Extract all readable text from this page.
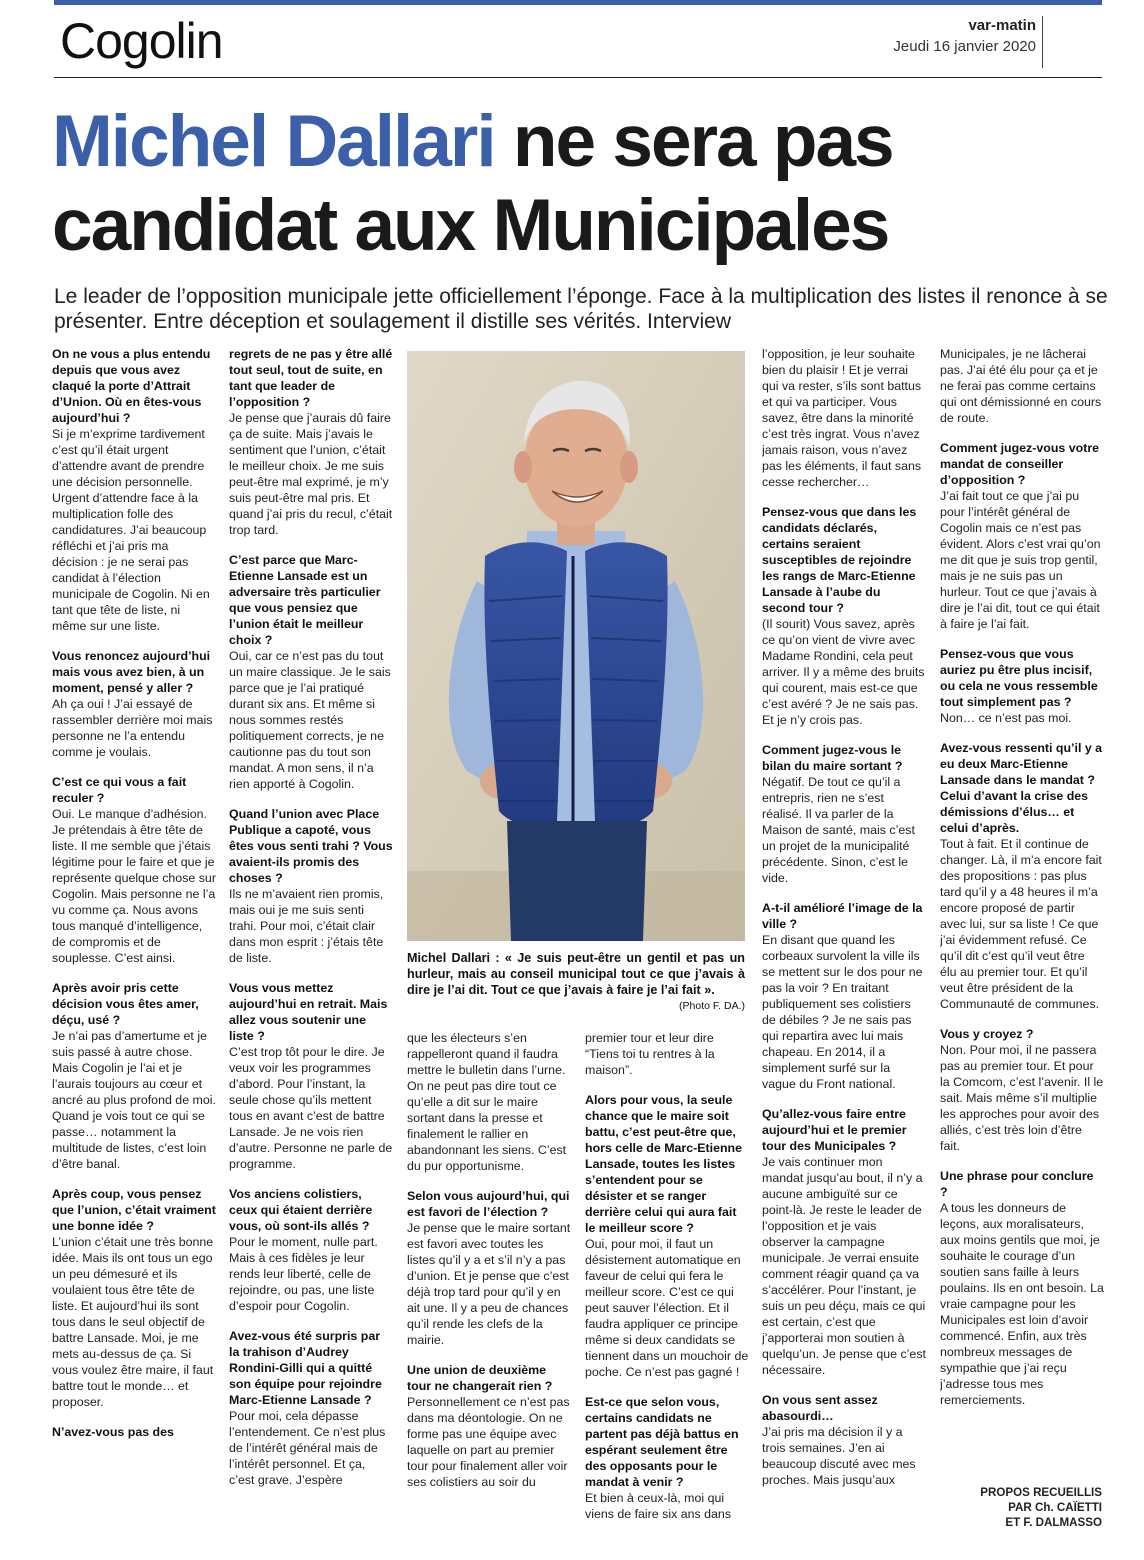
Cogolin	var-matin
Jeudi 16 janvier 2020
Michel Dallari ne sera pas candidat aux Municipales
Le leader de l’opposition municipale jette officiellement l’éponge. Face à la multiplication des listes il renonce à se présenter. Entre déception et soulagement il distille ses vérités. Interview

On ne vous a plus entendu depuis que vous avez claqué la porte d’Attrait d’Union. Où en êtes-vous aujourd’hui ?
Si je m’exprime tardivement c’est qu’il était urgent d’attendre avant de prendre une décision personnelle. Urgent d’attendre face à la multiplication folle des candidatures. J’ai beaucoup réfléchi et j’ai pris ma décision : je ne serai pas candidat à l’élection municipale de Cogolin. Ni en tant que tête de liste, ni même sur une liste.

Vous renoncez aujourd’hui mais vous avez bien, à un moment, pensé y aller ?
Ah ça oui ! J’ai essayé de rassembler derrière moi mais personne ne l’a entendu comme je voulais.

C’est ce qui vous a fait reculer ?
Oui. Le manque d’adhésion. Je prétendais à être tête de liste. Il me semble que j’étais légitime pour le faire et que je représente quelque chose sur Cogolin. Mais personne ne l’a vu comme ça. Nous avons tous manqué d’intelligence, de compromis et de souplesse. C’est ainsi.

Après avoir pris cette décision vous êtes amer, déçu, usé ?
Je n’ai pas d’amertume et je suis passé à autre chose. Mais Cogolin je l’ai et je l’aurais toujours au cœur et ancré au plus profond de moi. Quand je vois tout ce qui se passe… notamment la multitude de listes, c’est loin d’être banal.

Après coup, vous pensez que l’union, c’était vraiment une bonne idée ?
L’union c’était une très bonne idée. Mais ils ont tous un ego un peu démesuré et ils voulaient tous être tête de liste. Et aujourd’hui ils sont tous dans le seul objectif de battre Lansade. Moi, je me mets au-dessus de ça. Si vous voulez être maire, il faut battre tout le monde… et proposer.

N’avez-vous pas des

regrets de ne pas y être allé tout seul, tout de suite, en tant que leader de l’opposition ?
Je pense que j’aurais dû faire ça de suite. Mais j’avais le sentiment que l’union, c’était le meilleur choix. Je me suis peut-être mal exprimé, je m’y suis peut-être mal pris. Et quand j’ai pris du recul, c’était trop tard.

C’est parce que Marc-Etienne Lansade est un adversaire très particulier que vous pensiez que l’union était le meilleur choix ?
Oui, car ce n’est pas du tout un maire classique. Je le sais parce que je l’ai pratiqué durant six ans. Et même si nous sommes restés politiquement corrects, je ne cautionne pas du tout son mandat. A mon sens, il n’a rien apporté à Cogolin.

Quand l’union avec Place Publique a capoté, vous êtes vous senti trahi ? Vous avaient-ils promis des choses ?
Ils ne m’avaient rien promis, mais oui je me suis senti trahi. Pour moi, c’était clair dans mon esprit : j’étais tête de liste.

Vous vous mettez aujourd’hui en retrait. Mais allez vous soutenir une liste ?
C’est trop tôt pour le dire. Je veux voir les programmes d’abord. Pour l’instant, la seule chose qu’ils mettent tous en avant c’est de battre Lansade. Je ne vois rien d’autre. Personne ne parle de programme.

Vos anciens colistiers, ceux qui étaient derrière vous, où sont-ils allés ?
Pour le moment, nulle part. Mais à ces fidèles je leur rends leur liberté, celle de rejoindre, ou pas, une liste d’espoir pour Cogolin.

Avez-vous été surpris par la trahison d’Audrey Rondini-Gilli qui a quitté son équipe pour rejoindre Marc-Etienne Lansade ?
Pour moi, cela dépasse l’entendement. Ce n’est plus de l’intérêt général mais de l’intérêt personnel. Et ça, c’est grave. J’espère

Michel Dallari : « Je suis peut-être un gentil et pas un hurleur, mais au conseil municipal tout ce que j’avais à dire je l’ai dit. Tout ce que j’avais à faire je l’ai fait ».
(Photo F. DA.)

que les électeurs s’en rappelleront quand il faudra mettre le bulletin dans l’urne. On ne peut pas dire tout ce qu’elle a dit sur le maire sortant dans la presse et finalement le rallier en abandonnant les siens. C’est du pur opportunisme.

Selon vous aujourd’hui, qui est favori de l’élection ?
Je pense que le maire sortant est favori avec toutes les listes qu’il y a et s’il n’y a pas d’union. Et je pense que c’est déjà trop tard pour qu’il y en ait une. Il y a peu de chances qu’il rende les clefs de la mairie.

Une union de deuxième tour ne changerait rien ?
Personnellement ce n’est pas dans ma déontologie. On ne forme pas une équipe avec laquelle on part au premier tour pour finalement aller voir ses colistiers au soir du

premier tour et leur dire “Tiens toi tu rentres à la maison”.

Alors pour vous, la seule chance que le maire soit battu, c’est peut-être que, hors celle de Marc-Etienne Lansade, toutes les listes s’entendent pour se désister et se ranger derrière celui qui aura fait le meilleur score ?
Oui, pour moi, il faut un désistement automatique en faveur de celui qui fera le meilleur score. C’est ce qui peut sauver l’élection. Et il faudra appliquer ce principe même si deux candidats se tiennent dans un mouchoir de poche. Ce n’est pas gagné !

Est-ce que selon vous, certains candidats ne partent pas déjà battus en espérant seulement être des opposants pour le mandat à venir ?
Et bien à ceux-là, moi qui viens de faire six ans dans

l’opposition, je leur souhaite bien du plaisir ! Et je verrai qui va rester, s’ils sont battus et qui va participer. Vous savez, être dans la minorité c’est très ingrat. Vous n’avez jamais raison, vous n’avez pas les éléments, il faut sans cesse rechercher…

Pensez-vous que dans les candidats déclarés, certains seraient susceptibles de rejoindre les rangs de Marc-Etienne Lansade à l’aube du second tour ?
(Il sourit) Vous savez, après ce qu’on vient de vivre avec Madame Rondini, cela peut arriver. Il y a même des bruits qui courent, mais est-ce que c’est avéré ? Je ne sais pas. Et je n’y crois pas.

Comment jugez-vous le bilan du maire sortant ?
Négatif. De tout ce qu’il a entrepris, rien ne s’est réalisé. Il va parler de la Maison de santé, mais c’est un projet de la municipalité précédente. Sinon, c’est le vide.

A-t-il amélioré l’image de la ville ?
En disant que quand les corbeaux survolent la ville ils se mettent sur le dos pour ne pas la voir ? En traitant publiquement ses colistiers de débiles ? Je ne sais pas qui repartira avec lui mais chapeau. En 2014, il a simplement surfé sur la vague du Front national.

Qu’allez-vous faire entre aujourd’hui et le premier tour des Municipales ?
Je vais continuer mon mandat jusqu’au bout, il n’y a aucune ambiguïté sur ce point-là. Je reste le leader de l’opposition et je vais observer la campagne municipale. Je verrai ensuite comment réagir quand ça va s’accélérer. Pour l’instant, je suis un peu déçu, mais ce qui est certain, c’est que j’apporterai mon soutien à quelqu’un. Je pense que c’est nécessaire.

On vous sent assez abasourdi…
J’ai pris ma décision il y a trois semaines. J’en ai beaucoup discuté avec mes proches. Mais jusqu’aux

Municipales, je ne lâcherai pas. J’ai été élu pour ça et je ne ferai pas comme certains qui ont démissionné en cours de route.

Comment jugez-vous votre mandat de conseiller d’opposition ?
J’ai fait tout ce que j’ai pu pour l’intérêt général de Cogolin mais ce n’est pas évident. Alors c’est vrai qu’on me dit que je suis trop gentil, mais je ne suis pas un hurleur. Tout ce que j’avais à dire je l’ai dit, tout ce qui était à faire je l’ai fait.

Pensez-vous que vous auriez pu être plus incisif, ou cela ne vous ressemble tout simplement pas ?
Non… ce n’est pas moi.

Avez-vous ressenti qu’il y a eu deux Marc-Etienne Lansade dans le mandat ? Celui d’avant la crise des démissions d’élus… et celui d’après.
Tout à fait. Et il continue de changer. Là, il m’a encore fait des propositions : pas plus tard qu’il y a 48 heures il m’a encore proposé de partir avec lui, sur sa liste ! Ce que j’ai évidemment refusé. Ce qu’il dit c’est qu’il veut être élu au premier tour. Et qu’il veut être président de la Communauté de communes.

Vous y croyez ?
Non. Pour moi, il ne passera pas au premier tour. Et pour la Comcom, c’est l’avenir. Il le sait. Mais même s’il multiplie les approches pour avoir des alliés, c’est très loin d’être fait.

Une phrase pour conclure ?
A tous les donneurs de leçons, aux moralisateurs, aux moins gentils que moi, je souhaite le courage d’un soutien sans faille à leurs poulains. Ils en ont besoin. La vraie campagne pour les Municipales est loin d’avoir commencé. Enfin, aux très nombreux messages de sympathie que j’ai reçu j’adresse tous mes remerciements.

PROPOS RECUEILLIS
PAR Ch. CAÏETTI
ET F. DALMASSO
